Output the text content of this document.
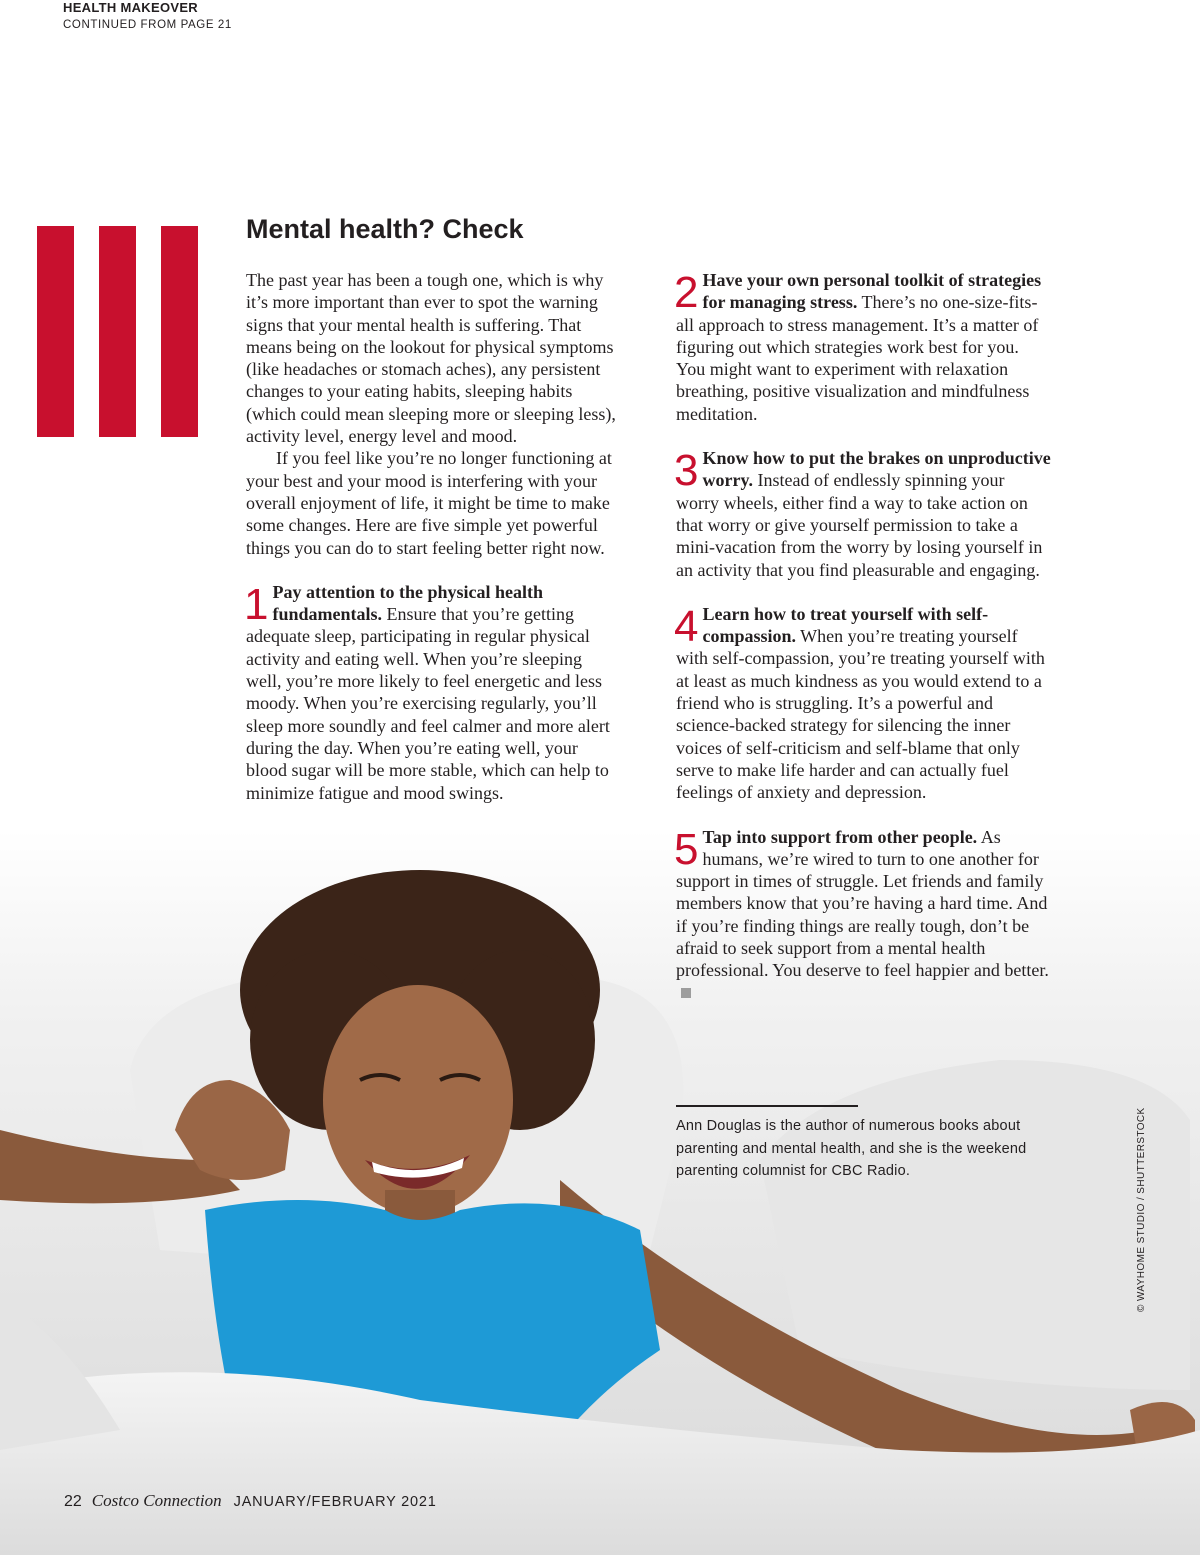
HEALTH MAKEOVER
CONTINUED FROM PAGE 21
Mental health? Check

The past year has been a tough one, which is why it’s more important than ever to spot the warning signs that your mental health is suffering. That means being on the lookout for physical symptoms (like headaches or stomach aches), any persistent changes to your eating habits, sleeping habits (which could mean sleeping more or sleeping less), activity level, energy level and mood.

If you feel like you’re no longer functioning at your best and your mood is interfering with your overall enjoyment of life, it might be time to make some changes. Here are five simple yet powerful things you can do to start feeling better right now.

1 Pay attention to the physical health fundamentals. Ensure that you’re getting adequate sleep, participating in regular physical activity and eating well. When you’re sleeping well, you’re more likely to feel energetic and less moody. When you’re exercising regularly, you’ll sleep more soundly and feel calmer and more alert during the day. When you’re eating well, your blood sugar will be more stable, which can help to minimize fatigue and mood swings.
2 Have your own personal toolkit of strategies for managing stress. There’s no one-size-fits-all approach to stress management. It’s a matter of figuring out which strategies work best for you. You might want to experiment with relaxation breathing, positive visualization and mindfulness meditation.
3 Know how to put the brakes on unproductive worry. Instead of endlessly spinning your worry wheels, either find a way to take action on that worry or give yourself permission to take a mini-vacation from the worry by losing yourself in an activity that you find pleasurable and engaging.
4 Learn how to treat yourself with self-compassion. When you’re treating yourself with self-compassion, you’re treating yourself with at least as much kindness as you would extend to a friend who is struggling. It’s a powerful and science-backed strategy for silencing the inner voices of self-criticism and self-blame that only serve to make life harder and can actually fuel feelings of anxiety and depression.
5 Tap into support from other people. As humans, we’re wired to turn to one another for support in times of struggle. Let friends and family members know that you’re having a hard time. And if you’re finding things are really tough, don’t be afraid to seek support from a mental health professional. You deserve to feel happier and better.
Ann Douglas is the author of numerous books about parenting and mental health, and she is the weekend parenting columnist for CBC Radio.	© WAYHOME STUDIO / SHUTTERSTOCK
22 Costco Connection JANUARY/FEBRUARY 2021
